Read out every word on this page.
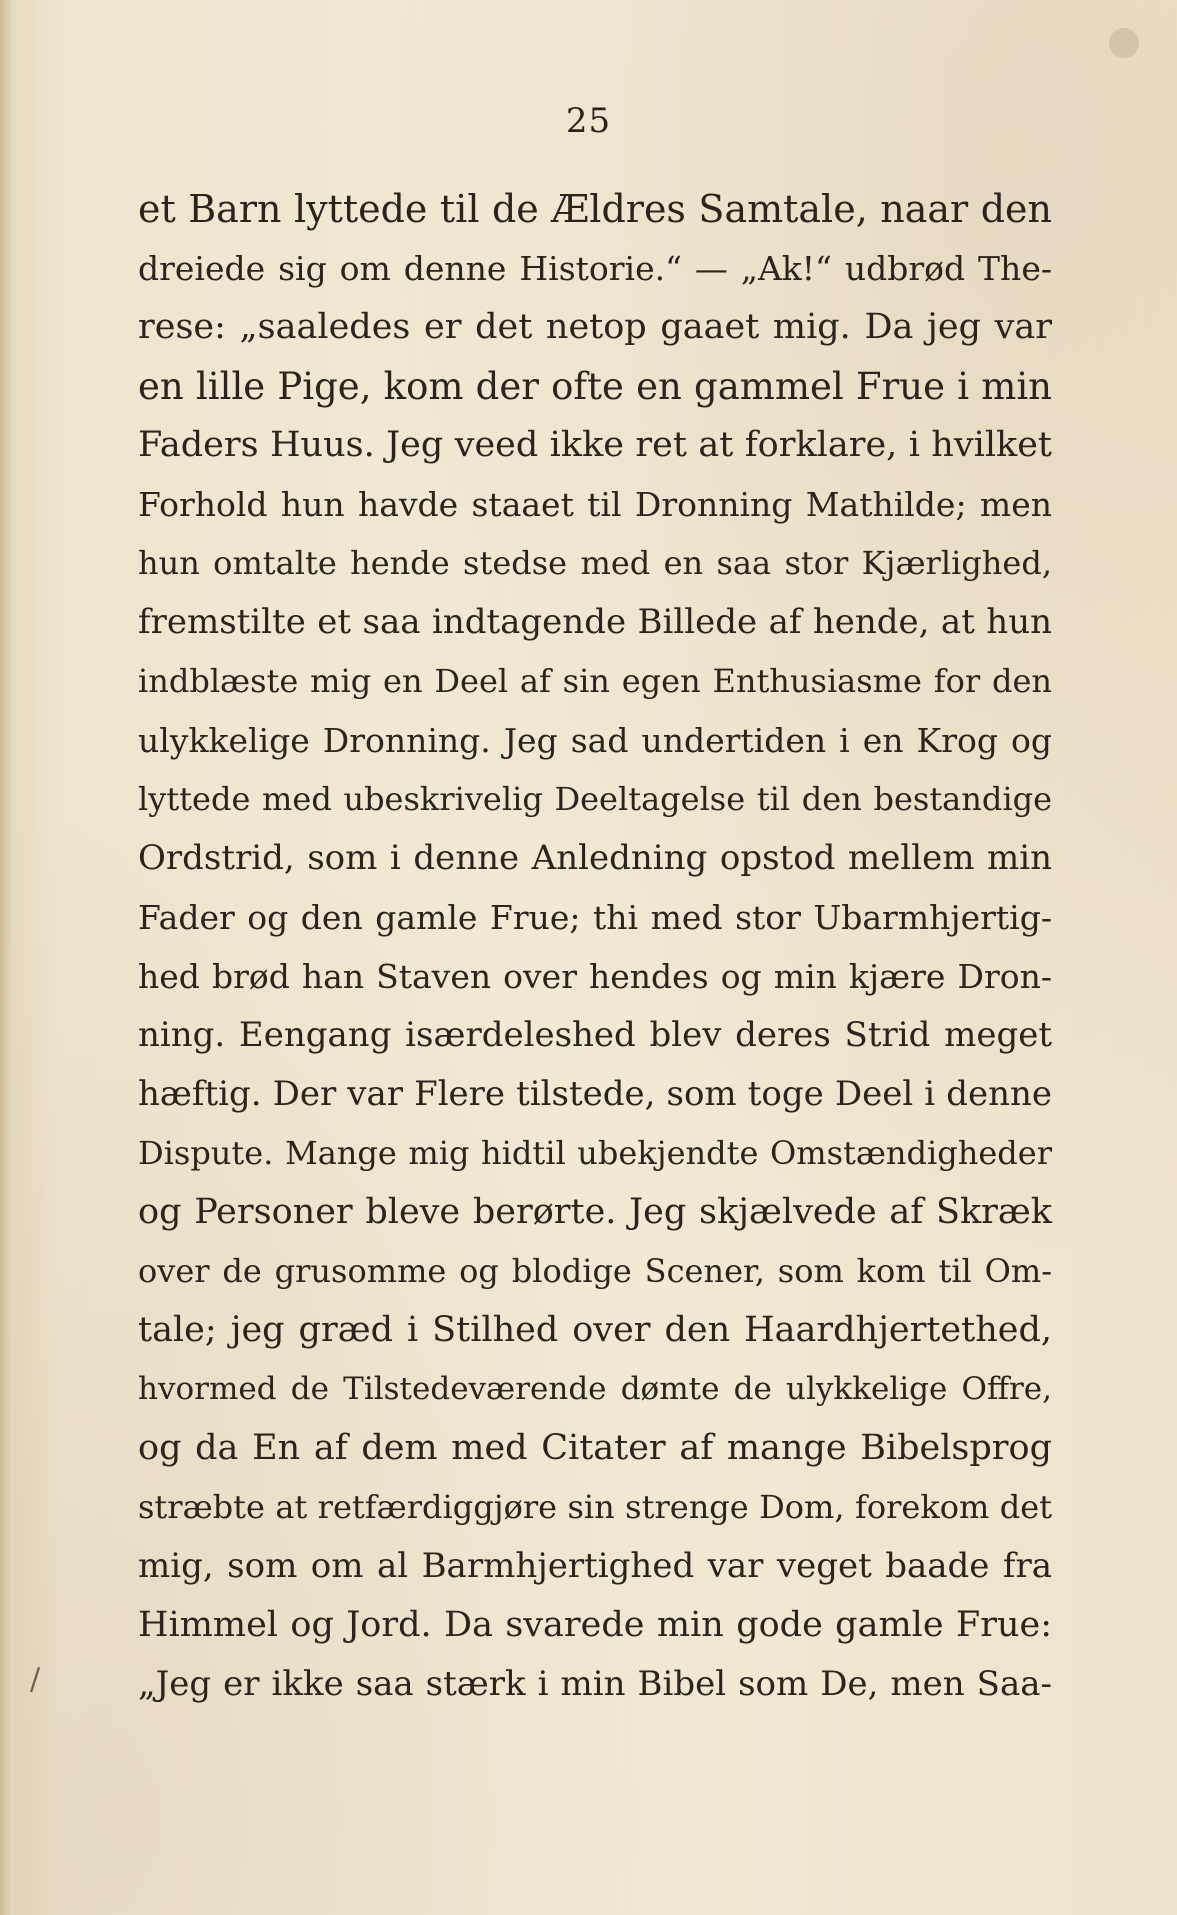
25
et Barn lyttede til de Ældres Samtale, naar den
dreiede sig om denne Historie.“ — „Ak!“ udbrød The-
rese: „saaledes er det netop gaaet mig. Da jeg var
en lille Pige, kom der ofte en gammel Frue i min
Faders Huus. Jeg veed ikke ret at forklare, i hvilket
Forhold hun havde staaet til Dronning Mathilde; men
hun omtalte hende stedse med en saa stor Kjærlighed,
fremstilte et saa indtagende Billede af hende, at hun
indblæste mig en Deel af sin egen Enthusiasme for den
ulykkelige Dronning. Jeg sad undertiden i en Krog og
lyttede med ubeskrivelig Deeltagelse til den bestandige
Ordstrid, som i denne Anledning opstod mellem min
Fader og den gamle Frue; thi med stor Ubarmhjertig-
hed brød han Staven over hendes og min kjære Dron-
ning. Eengang isærdeleshed blev deres Strid meget
hæftig. Der var Flere tilstede, som toge Deel i denne
Dispute. Mange mig hidtil ubekjendte Omstændigheder
og Personer bleve berørte. Jeg skjælvede af Skræk
over de grusomme og blodige Scener, som kom til Om-
tale; jeg græd i Stilhed over den Haardhjertethed,
hvormed de Tilstedeværende dømte de ulykkelige Offre,
og da En af dem med Citater af mange Bibelsprog
stræbte at retfærdiggjøre sin strenge Dom, forekom det
mig, som om al Barmhjertighed var veget baade fra
Himmel og Jord. Da svarede min gode gamle Frue:
„Jeg er ikke saa stærk i min Bibel som De, men Saa-
/
